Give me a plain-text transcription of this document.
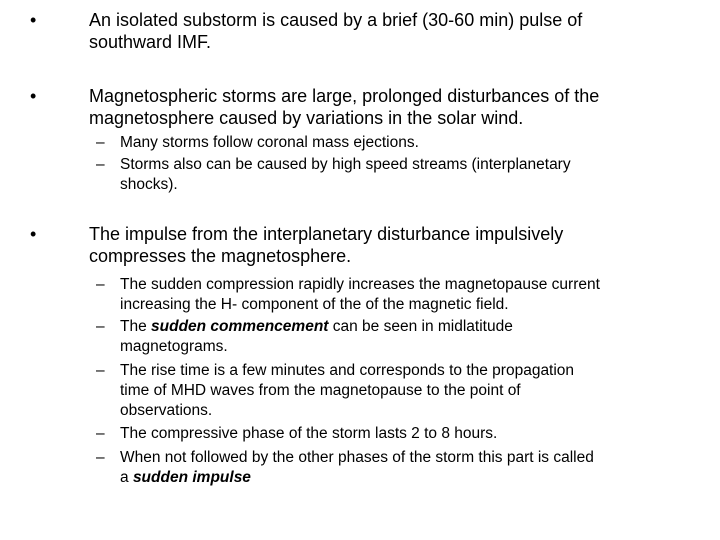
•	An isolated substorm is caused by a brief (30-60 min) pulse of
southward IMF.
•	Magnetospheric storms are large, prolonged disturbances of the
magnetosphere caused by variations in the solar wind.
– Many storms follow coronal mass ejections.
– Storms also can be caused by high speed streams (interplanetary
shocks).
•	The impulse from the interplanetary disturbance impulsively
compresses the magnetosphere.
– The sudden compression rapidly increases the magnetopause current
increasing the H- component of the of the magnetic field.
– The sudden commencement can be seen in midlatitude
magnetograms.
– The rise time is a few minutes and corresponds to the propagation
time of MHD waves from the magnetopause to the point of
observations.
– The compressive phase of the storm lasts 2 to 8 hours.
– When not followed by the other phases of the storm this part is called
a sudden impulse
